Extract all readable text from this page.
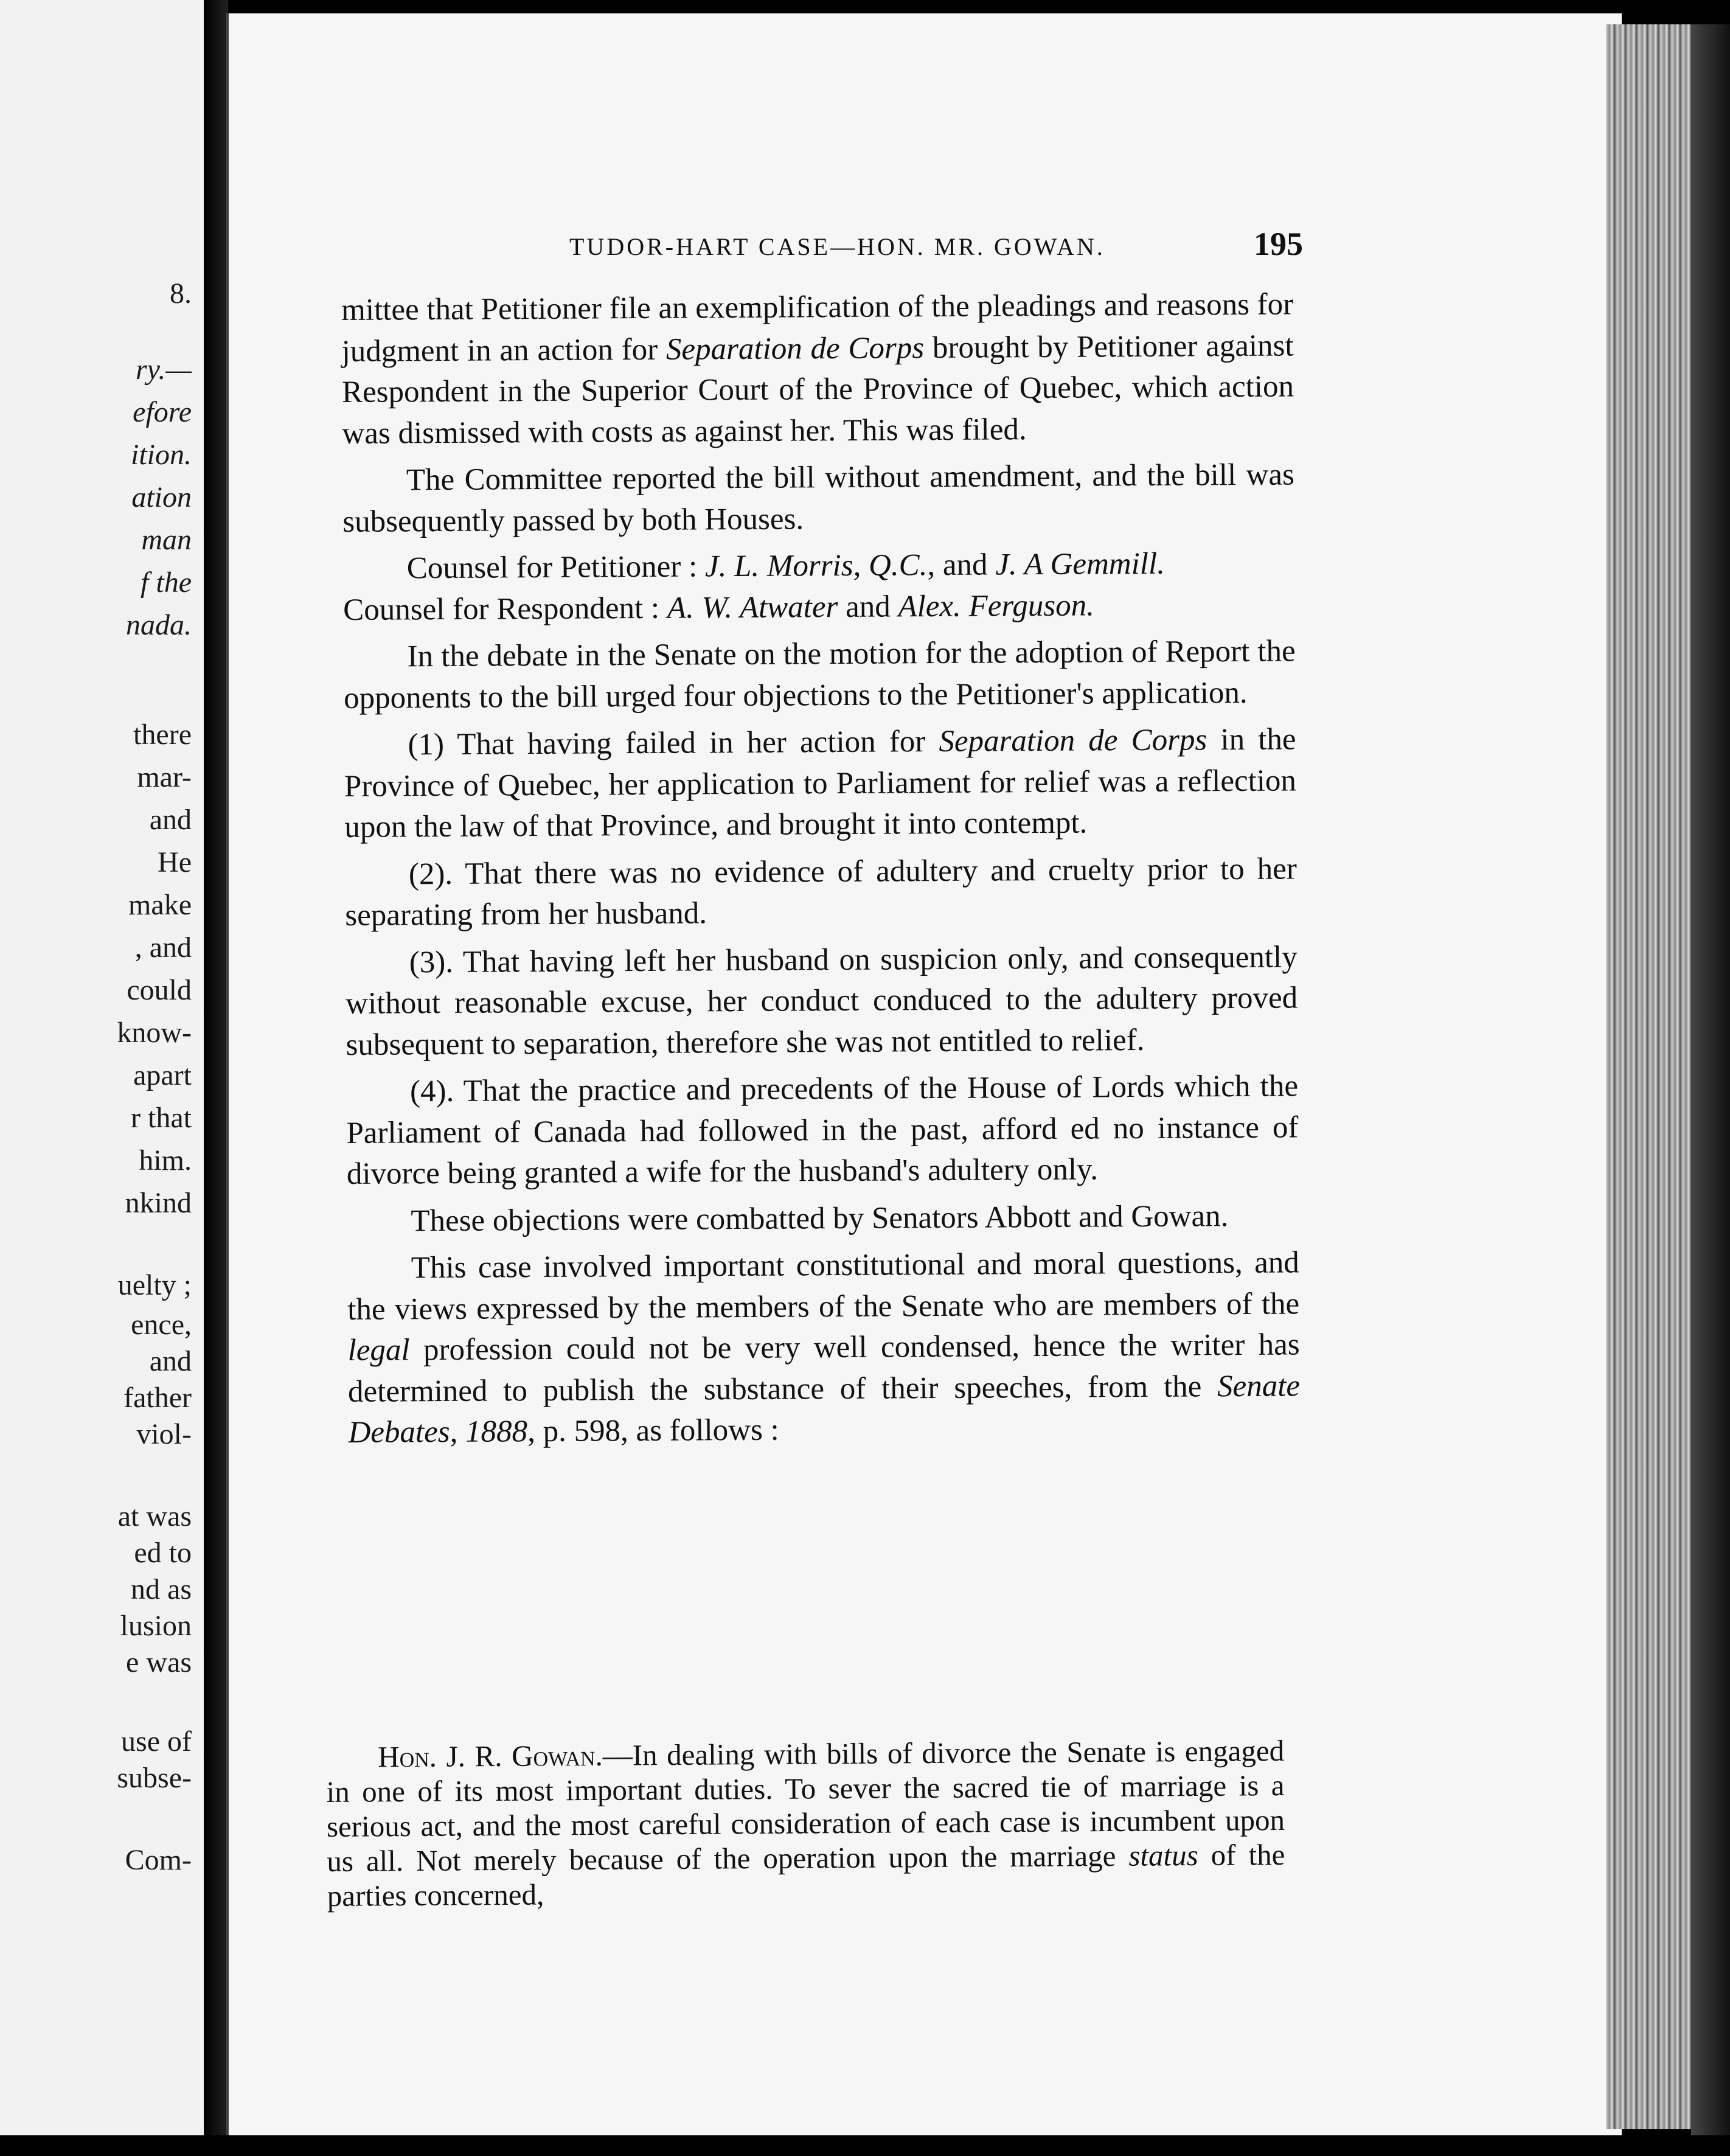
8.
ry.—
efore
ition.
ation
man
f the
nada.
there
mar-
and
He
make
, and
could
know-
apart
r that
him.
nkind
uelty ;
ence,
and
father
viol-
at was
ed to
nd as
lusion
e was
use of
subse-
Com-
TUDOR-HART CASE—HON. MR. GOWAN.	195

mittee that Petitioner file an exemplification of the pleadings and reasons for judgment in an action for Separation de Corps brought by Petitioner against Respondent in the Superior Court of the Province of Quebec, which action was dismissed with costs as against her. This was filed.

The Committee reported the bill without amendment, and the bill was subsequently passed by both Houses.

Counsel for Petitioner : J. L. Morris, Q.C., and J. A Gemmill.

Counsel for Respondent : A. W. Atwater and Alex. Ferguson.

In the debate in the Senate on the motion for the adoption of Report the opponents to the bill urged four objections to the Petitioner's application.

(1) That having failed in her action for Separation de Corps in the Province of Quebec, her application to Parliament for relief was a reflection upon the law of that Province, and brought it into contempt.

(2). That there was no evidence of adultery and cruelty prior to her separating from her husband.

(3). That having left her husband on suspicion only, and consequently without reasonable excuse, her conduct conduced to the adultery proved subsequent to separation, therefore she was not entitled to relief.

(4). That the practice and precedents of the House of Lords which the Parliament of Canada had followed in the past, afford ed no instance of divorce being granted a wife for the husband's adultery only.

These objections were combatted by Senators Abbott and Gowan.

This case involved important constitutional and moral questions, and the views expressed by the members of the Senate who are members of the legal profession could not be very well condensed, hence the writer has determined to publish the substance of their speeches, from the Senate Debates, 1888, p. 598, as follows :

Hon. J. R. Gowan.—In dealing with bills of divorce the Senate is engaged in one of its most important duties. To sever the sacred tie of marriage is a serious act, and the most careful consideration of each case is incumbent upon us all. Not merely because of the operation upon the marriage status of the parties concerned,
